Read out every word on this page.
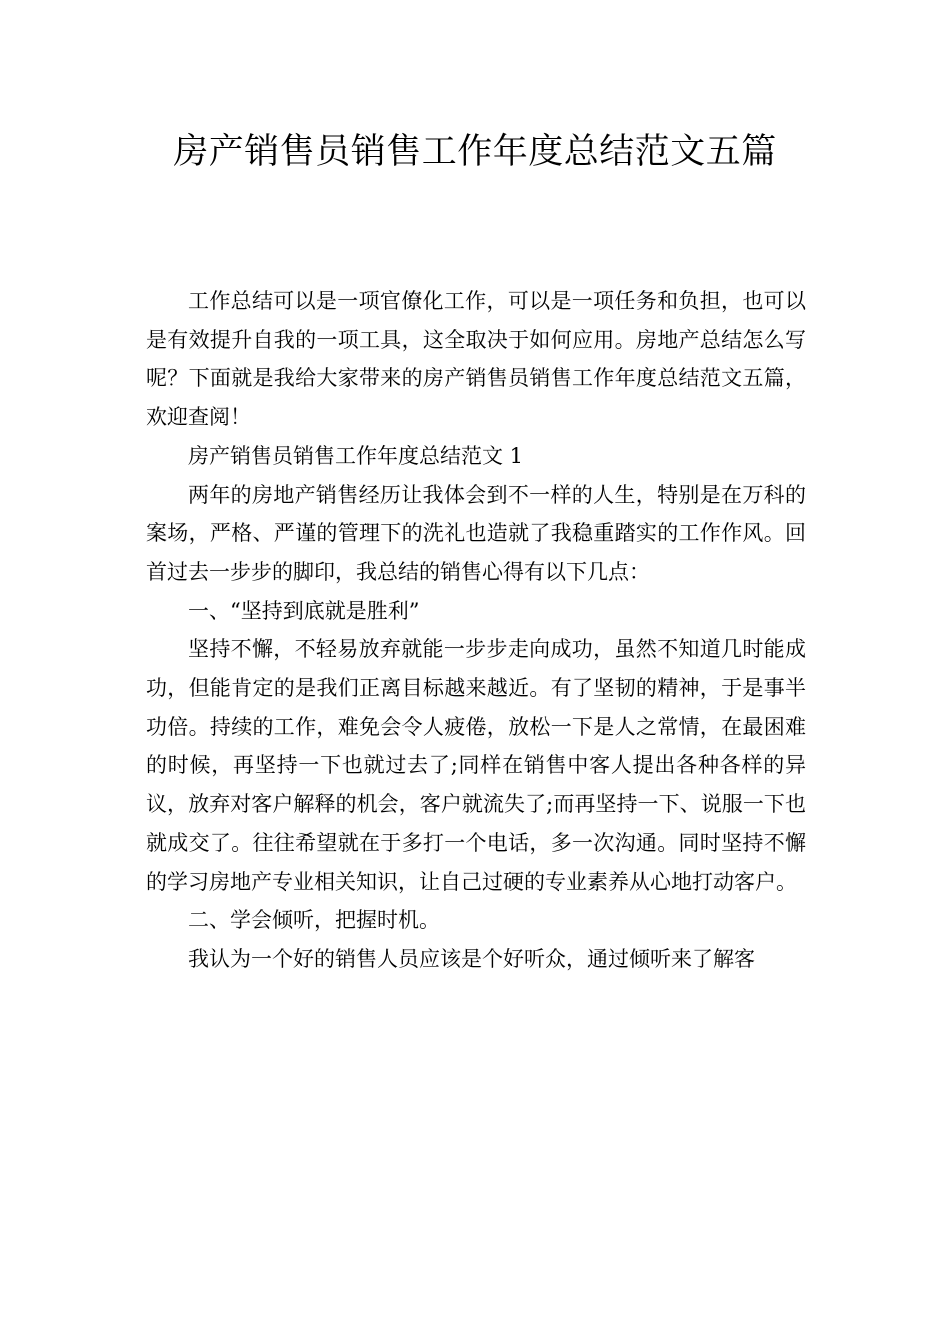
房产销售员销售工作年度总结范文五篇

工作总结可以是一项官僚化工作，可以是一项任务和负担，也可以是有效提升自我的一项工具，这全取决于如何应用。房地产总结怎么写呢？下面就是我给大家带来的房产销售员销售工作年度总结范文五篇，欢迎查阅！

房产销售员销售工作年度总结范文 1

两年的房地产销售经历让我体会到不一样的人生，特别是在万科的案场，严格、严谨的管理下的洗礼也造就了我稳重踏实的工作作风。回首过去一步步的脚印，我总结的销售心得有以下几点：

一、“坚持到底就是胜利”

坚持不懈，不轻易放弃就能一步步走向成功，虽然不知道几时能成功，但能肯定的是我们正离目标越来越近。有了坚韧的精神，于是事半功倍。持续的工作，难免会令人疲倦，放松一下是人之常情，在最困难的时候，再坚持一下也就过去了;同样在销售中客人提出各种各样的异议，放弃对客户解释的机会，客户就流失了;而再坚持一下、说服一下也就成交了。往往希望就在于多打一个电话，多一次沟通。同时坚持不懈的学习房地产专业相关知识，让自己过硬的专业素养从心地打动客户。

二、学会倾听，把握时机。

我认为一个好的销售人员应该是个好听众，通过倾听来了解客
